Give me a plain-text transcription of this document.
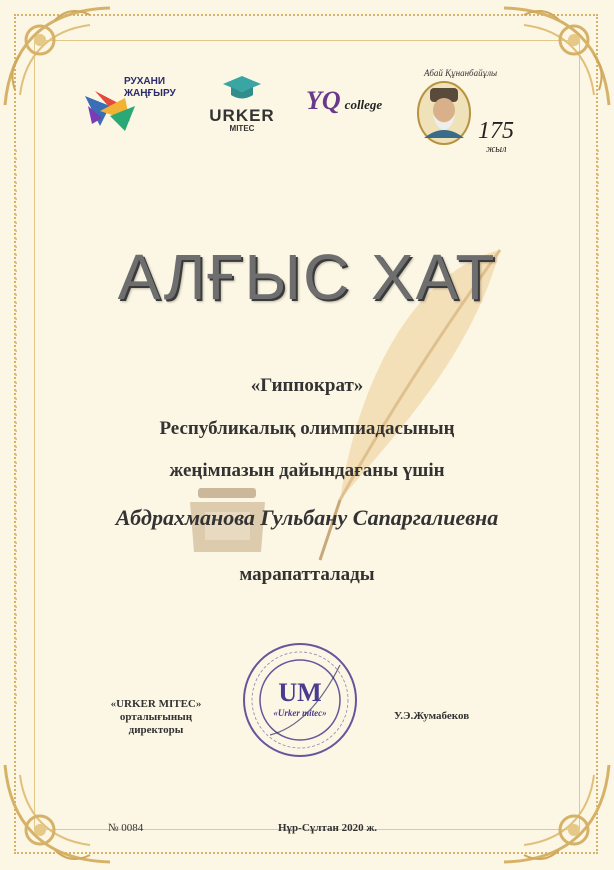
РУХАНИ
ЖАҢҒЫРУ
URKER
MITEC
YQ college
Абай Құнанбайұлы
175
жыл
АЛҒЫС ХАТ
«Гиппократ»
Республикалық олимпиадасының
жеңімпазын дайындағаны үшін
Абдрахманова Гульбану Сапаргалиевна
марапатталады
«URKER MITEC»
орталығының
директоры
UM
«Urker mitec»	У.Э.Жумабеков
№ 0084	Нұр-Сұлтан 2020 ж.
